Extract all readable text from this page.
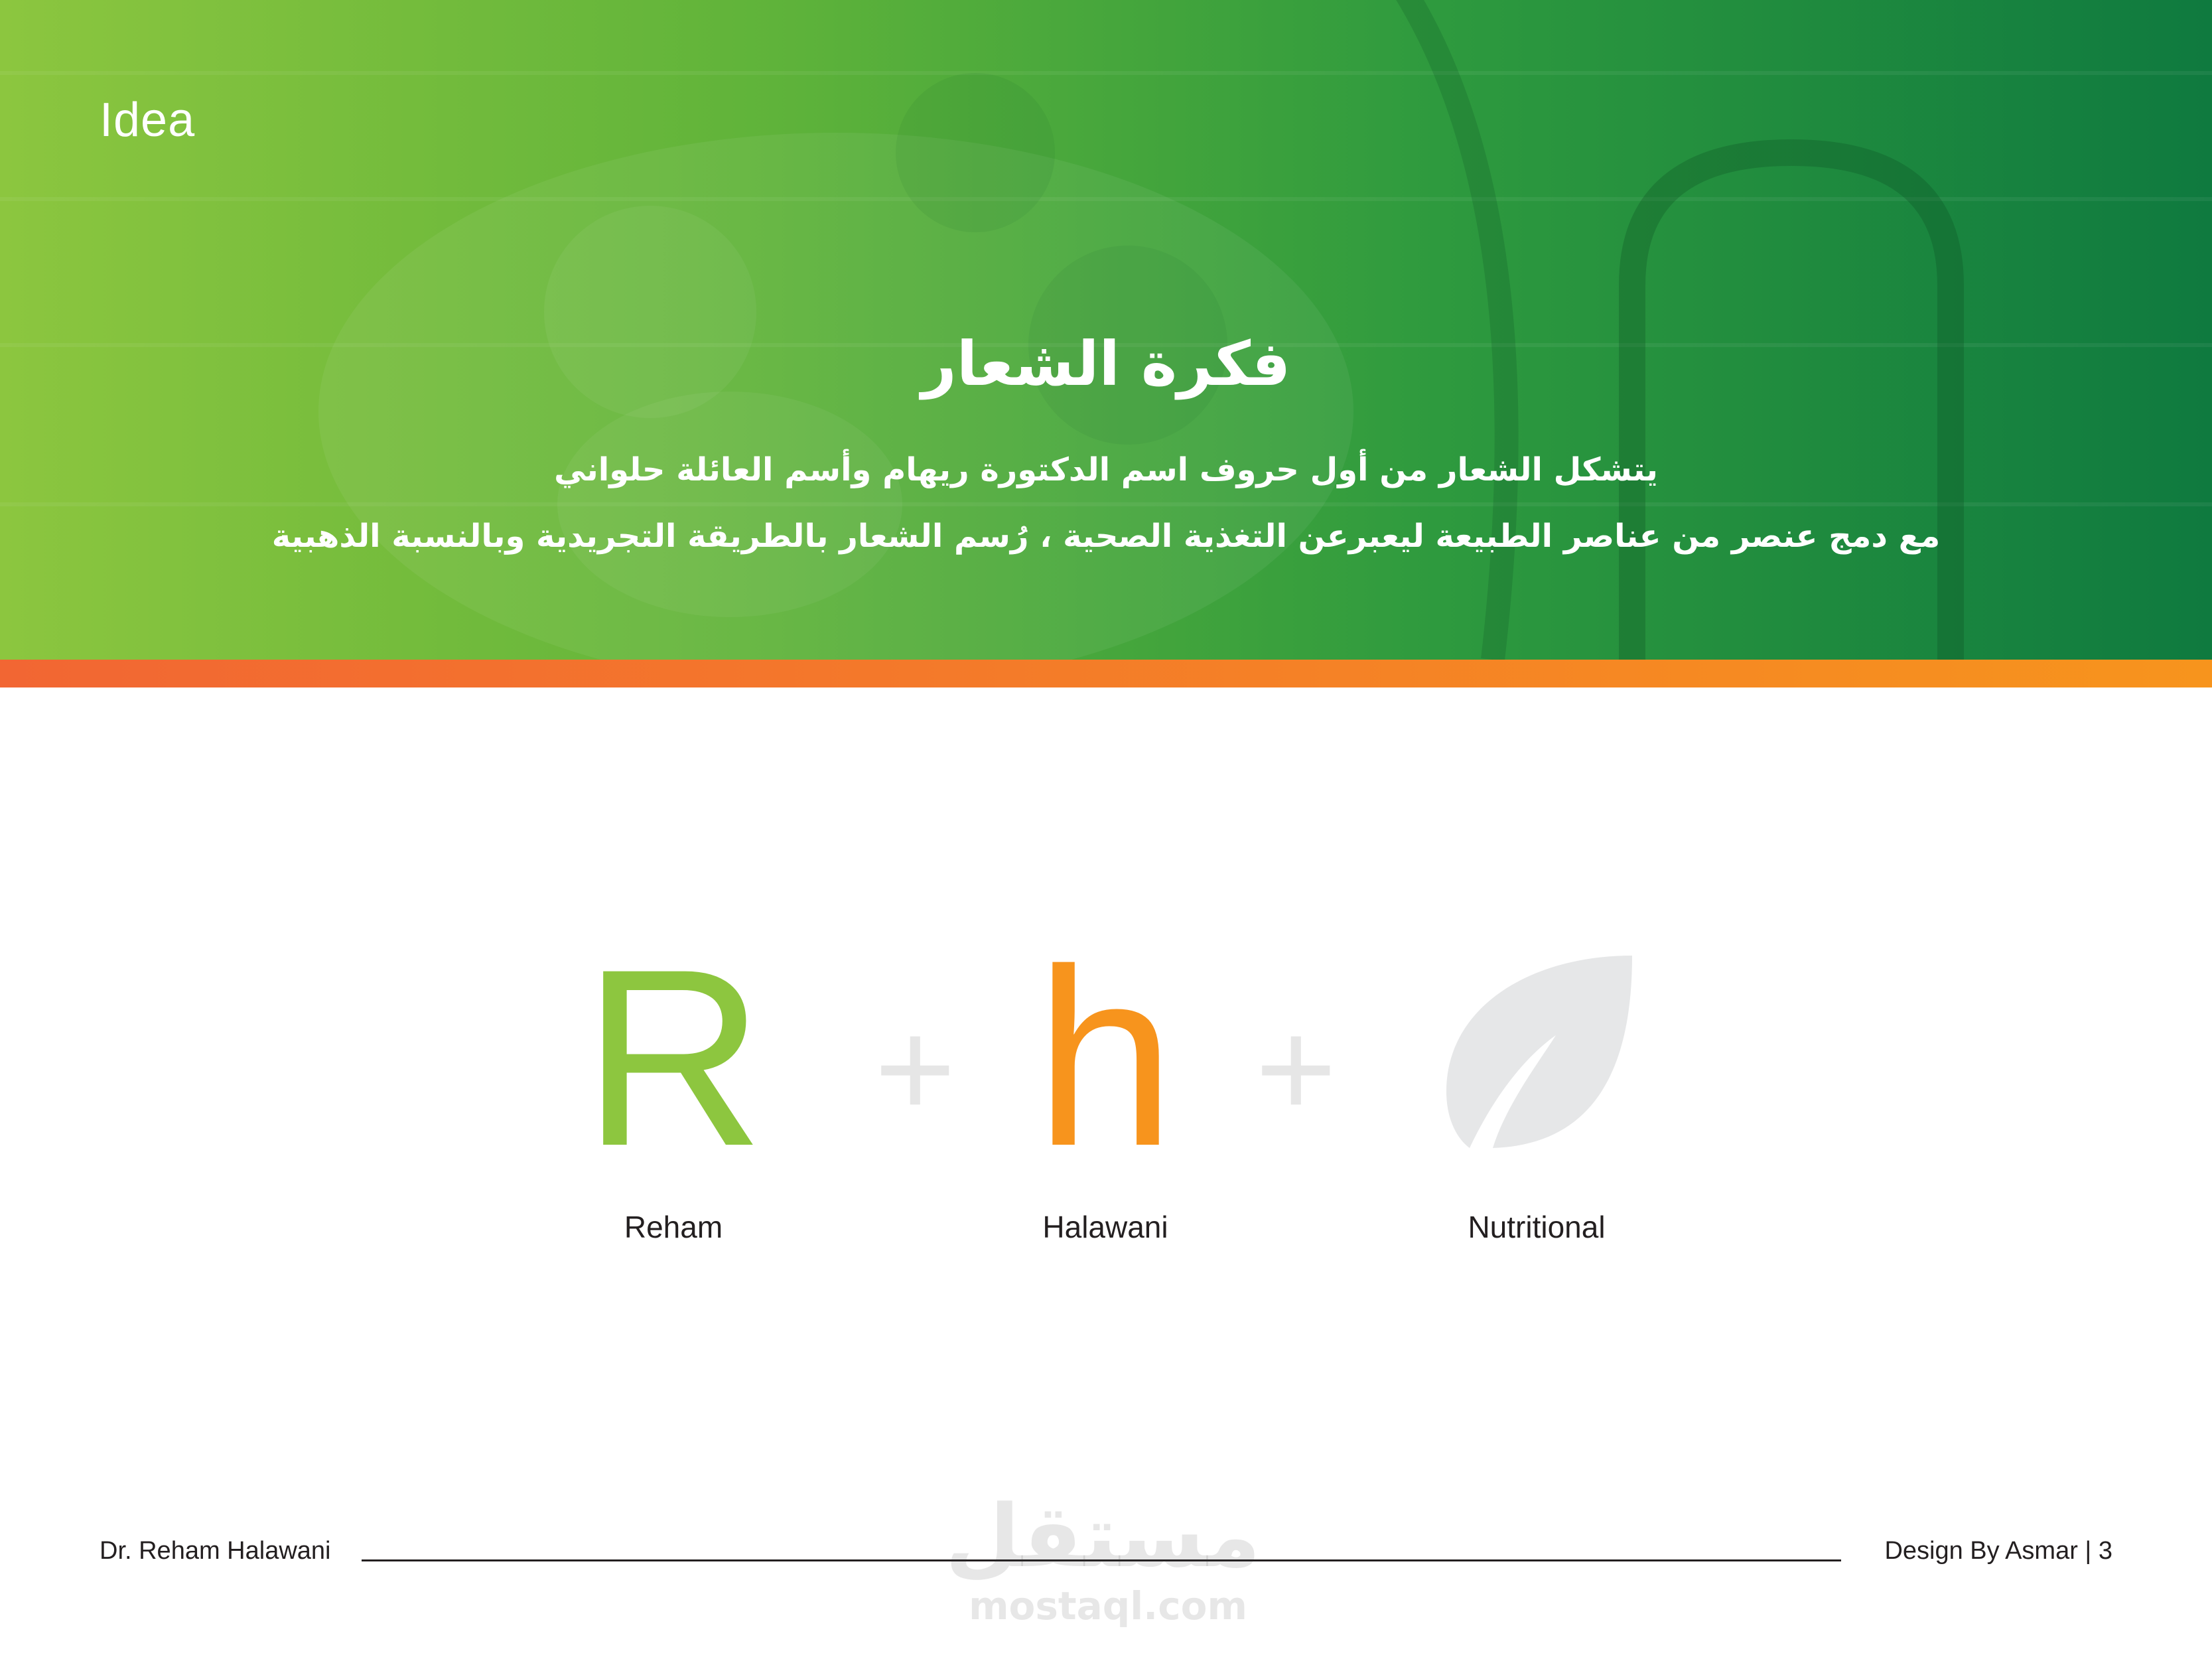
Idea
فكرة الشعار
يتشكل الشعار من أول حروف اسم الدكتورة ريهام وأسم العائلة حلواني
مع دمج عنصر من عناصر الطبيعة ليعبرعن التغذية الصحية ، رُسم الشعار بالطريقة التجريدية وبالنسبة الذهبية
R + h +
Reham	Halawani	Nutritional
Dr. Reham Halawani	Design By Asmar | 3
مستقل
mostaql.com
